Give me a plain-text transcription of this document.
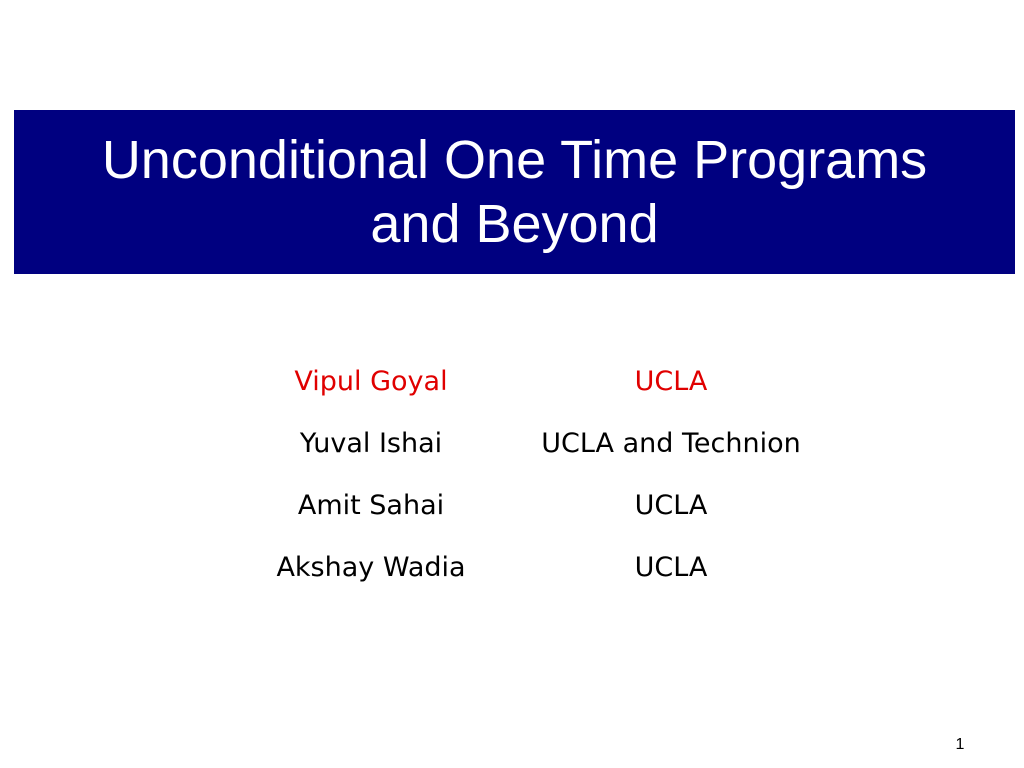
Unconditional One Time Programs
and Beyond
Vipul Goyal	UCLA
Yuval Ishai	UCLA and Technion
Amit Sahai	UCLA
Akshay Wadia	UCLA
1
